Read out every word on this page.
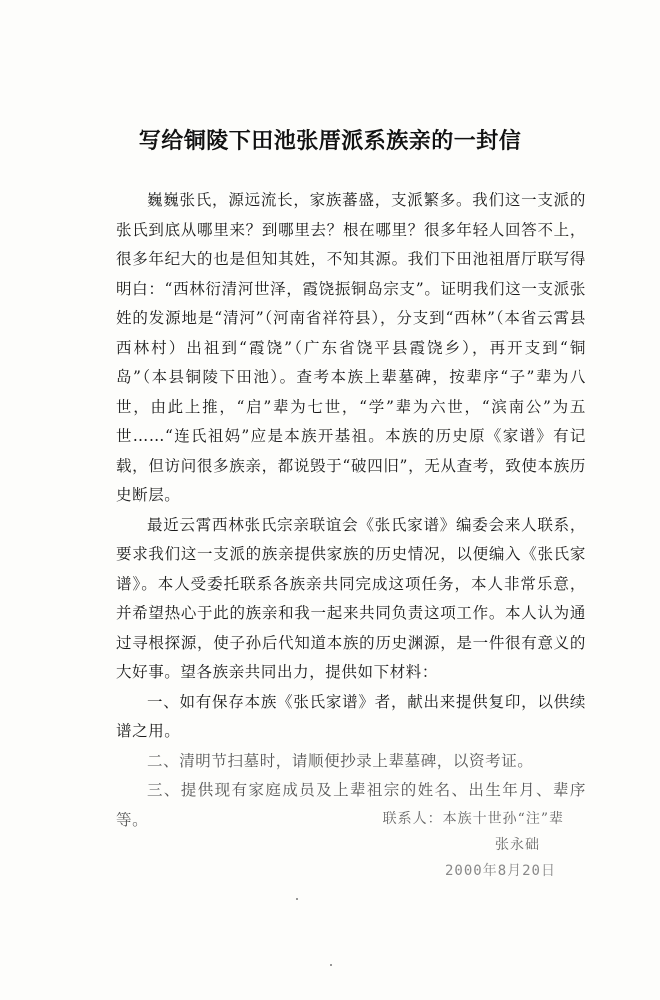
写给铜陵下田池张厝派系族亲的一封信

巍巍张氏，源远流长，家族蕃盛，支派繁多。我们这一支派的张氏到底从哪里来？到哪里去？根在哪里？很多年轻人回答不上，很多年纪大的也是但知其姓，不知其源。我们下田池祖厝厅联写得明白：“西林衍清河世泽，霞饶振铜岛宗支”。证明我们这一支派张姓的发源地是“清河”（河南省祥符县），分支到“西林”（本省云霄县西林村）出祖到“霞饶”（广东省饶平县霞饶乡），再开支到“铜岛”（本县铜陵下田池）。查考本族上辈墓碑，按辈序“子”辈为八世，由此上推，“启”辈为七世，“学”辈为六世，“滨南公”为五世……“连氏祖妈”应是本族开基祖。本族的历史原《家谱》有记载，但访问很多族亲，都说毁于“破四旧”，无从查考，致使本族历史断层。

最近云霄西林张氏宗亲联谊会《张氏家谱》编委会来人联系，要求我们这一支派的族亲提供家族的历史情况，以便编入《张氏家谱》。本人受委托联系各族亲共同完成这项任务，本人非常乐意，并希望热心于此的族亲和我一起来共同负责这项工作。本人认为通过寻根探源，使子孙后代知道本族的历史渊源，是一件很有意义的大好事。望各族亲共同出力，提供如下材料：

一、如有保存本族《张氏家谱》者，献出来提供复印，以供续谱之用。

二、清明节扫墓时，请顺便抄录上辈墓碑，以资考证。

三、提供现有家庭成员及上辈祖宗的姓名、出生年月、辈序等。	联系人：本族十世孙“注”辈
张永础
2000年8月20日
